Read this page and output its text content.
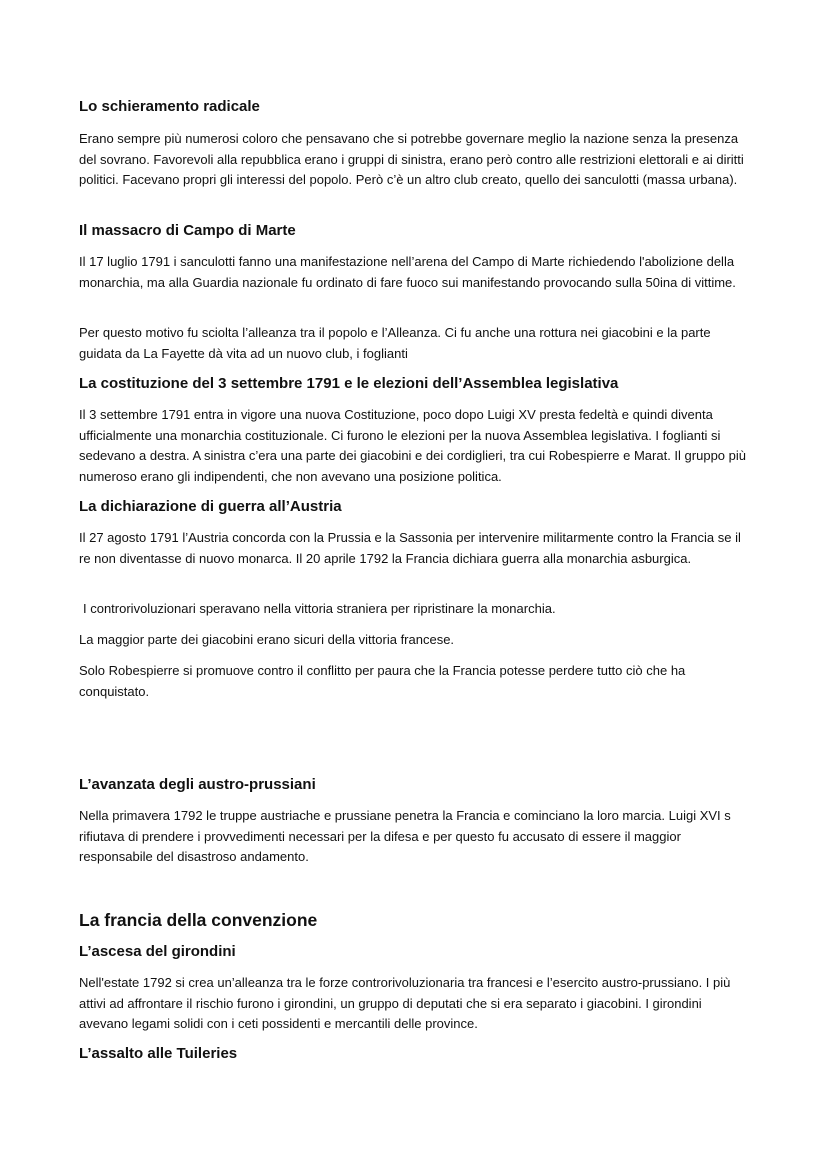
Lo schieramento radicale

Erano sempre più numerosi coloro che pensavano che si potrebbe governare meglio la nazione senza la presenza del sovrano. Favorevoli alla repubblica erano i gruppi di sinistra, erano però contro alle restrizioni elettorali e ai diritti politici. Facevano propri gli interessi del popolo. Però c’è un altro club creato, quello dei sanculotti (massa urbana).

Il massacro di Campo di Marte

Il 17 luglio 1791 i sanculotti fanno una manifestazione nell’arena del Campo di Marte richiedendo l'abolizione della monarchia, ma alla Guardia nazionale fu ordinato di fare fuoco sui manifestando provocando sulla 50ina di vittime.

Per questo motivo fu sciolta l’alleanza tra il popolo e l’Alleanza. Ci fu anche una rottura nei giacobini e la parte guidata da La Fayette dà vita ad un nuovo club, i foglianti

La costituzione del 3 settembre 1791 e le elezioni dell’Assemblea legislativa

Il 3 settembre 1791 entra in vigore una nuova Costituzione, poco dopo Luigi XV presta fedeltà e quindi diventa ufficialmente una monarchia costituzionale. Ci furono le elezioni per la nuova Assemblea legislativa. I foglianti si sedevano a destra. A sinistra c’era una parte dei giacobini e dei cordiglieri, tra cui Robespierre e Marat. Il gruppo più numeroso erano gli indipendenti, che non avevano una posizione politica.

La dichiarazione di guerra all’Austria

Il 27 agosto 1791 l’Austria concorda con la Prussia e la Sassonia per intervenire militarmente contro la Francia se il re non diventasse di nuovo monarca. Il 20 aprile 1792 la Francia dichiara guerra alla monarchia asburgica.

I controrivoluzionari speravano nella vittoria straniera per ripristinare la monarchia.

La maggior parte dei giacobini erano sicuri della vittoria francese.

Solo Robespierre si promuove contro il conflitto per paura che la Francia potesse perdere tutto ciò che ha conquistato.

L’avanzata degli austro-prussiani

Nella primavera 1792 le truppe austriache e prussiane penetra la Francia e cominciano la loro marcia. Luigi XVI s rifiutava di prendere i provvedimenti necessari per la difesa e per questo fu accusato di essere il maggior responsabile del disastroso andamento.

La francia della convenzione
L’ascesa del girondini

Nell'estate 1792 si crea un’alleanza tra le forze controrivoluzionaria tra francesi e l’esercito austro-prussiano. I più attivi ad affrontare il rischio furono i girondini, un gruppo di deputati che si era separato i giacobini. I girondini avevano legami solidi con i ceti possidenti e mercantili delle province.

L’assalto alle Tuileries
